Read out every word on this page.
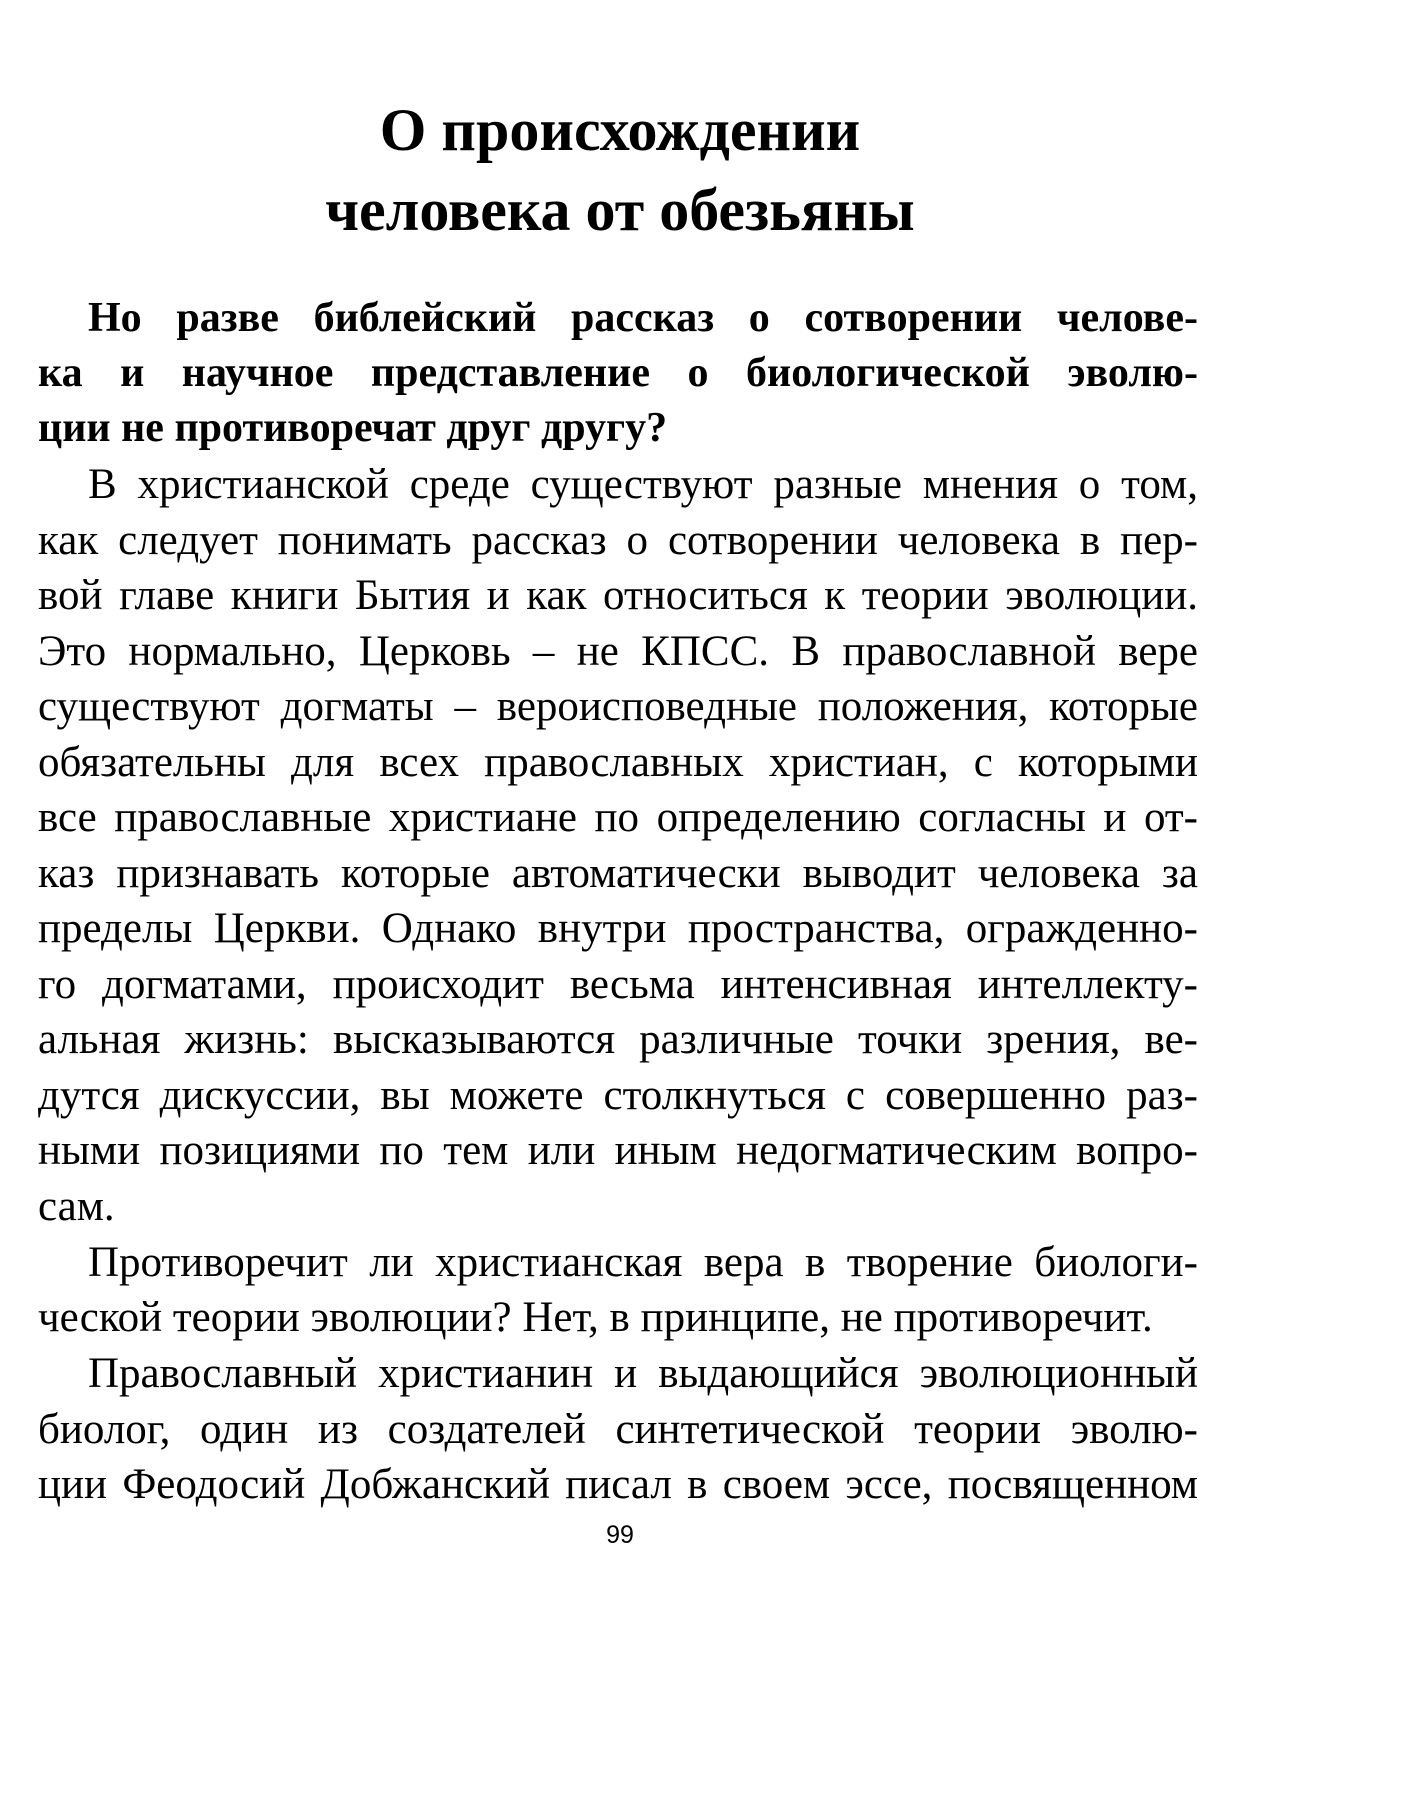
О происхождении
человека от обезьяны
Но разве библейский рассказ о сотворении челове-
ка и научное представление о биологической эволю-
ции не противоречат друг другу?
В христианской среде существуют разные мнения о том,
как следует понимать рассказ о сотворении человека в пер-
вой главе книги Бытия и как относиться к теории эволюции.
Это нормально, Церковь – не КПСС. В православной вере
существуют догматы – вероисповедные положения, которые
обязательны для всех православных христиан, с которыми
все православные христиане по определению согласны и от-
каз признавать которые автоматически выводит человека за
пределы Церкви. Однако внутри пространства, огражденно-
го догматами, происходит весьма интенсивная интеллекту-
альная жизнь: высказываются различные точки зрения, ве-
дутся дискуссии, вы можете столкнуться с совершенно раз-
ными позициями по тем или иным недогматическим вопро-
сам.
Противоречит ли христианская вера в творение биологи-
ческой теории эволюции? Нет, в принципе, не противоречит.
Православный христианин и выдающийся эволюционный
биолог, один из создателей синтетической теории эволю-
ции Феодосий Добжанский писал в своем эссе, посвященном
99
